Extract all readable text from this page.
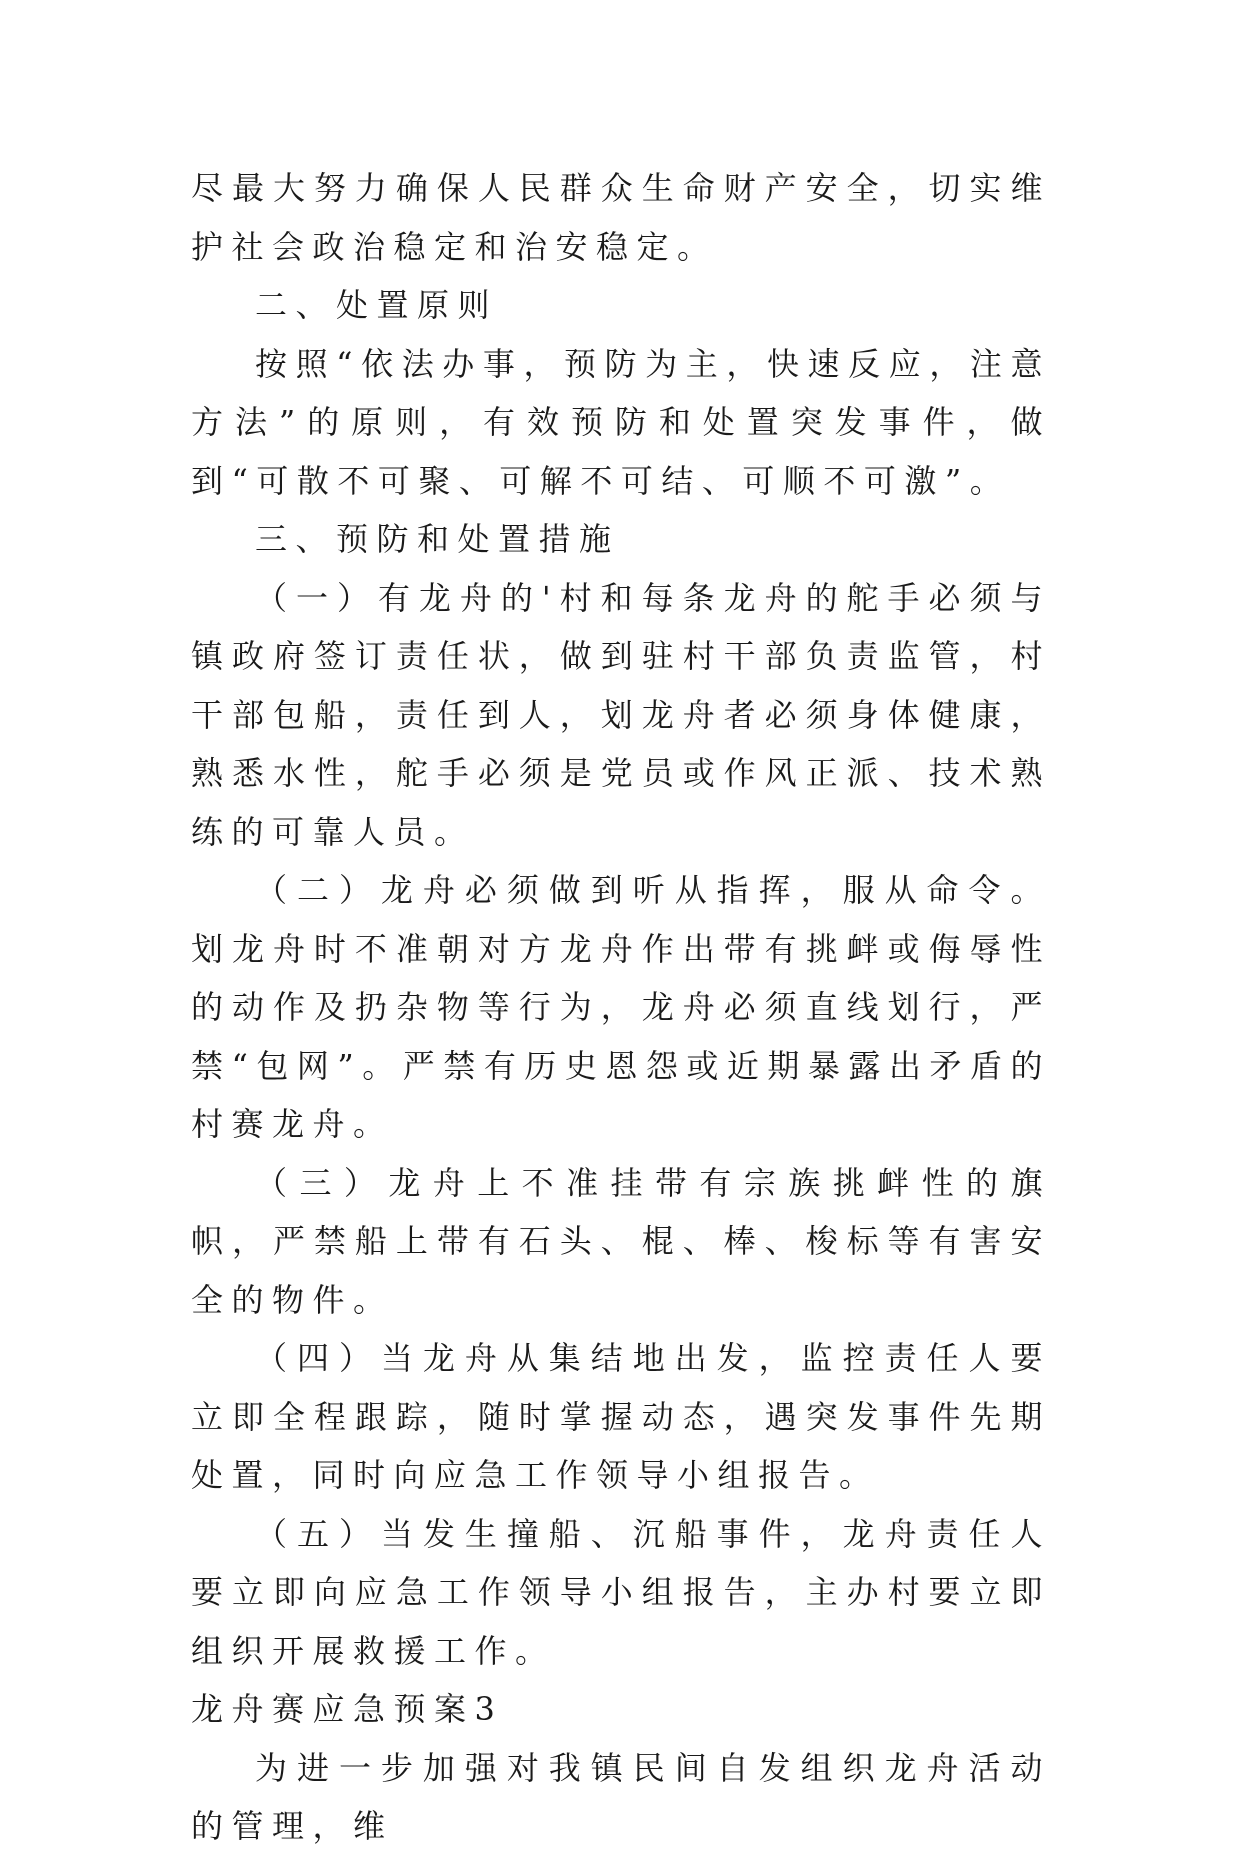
尽最大努力确保人民群众生命财产安全，切实维护社会政治稳定和治安稳定。

二、处置原则

按照“依法办事，预防为主，快速反应，注意方法”的原则，有效预防和处置突发事件，做到“可散不可聚、可解不可结、可顺不可激”。

三、预防和处置措施

（一）有龙舟的'村和每条龙舟的舵手必须与镇政府签订责任状，做到驻村干部负责监管，村干部包船，责任到人，划龙舟者必须身体健康，熟悉水性，舵手必须是党员或作风正派、技术熟练的可靠人员。

（二）龙舟必须做到听从指挥，服从命令。划龙舟时不准朝对方龙舟作出带有挑衅或侮辱性的动作及扔杂物等行为，龙舟必须直线划行，严禁“包网”。严禁有历史恩怨或近期暴露出矛盾的村赛龙舟。

（三）龙舟上不准挂带有宗族挑衅性的旗帜，严禁船上带有石头、棍、棒、梭标等有害安全的物件。

（四）当龙舟从集结地出发，监控责任人要立即全程跟踪，随时掌握动态，遇突发事件先期处置，同时向应急工作领导小组报告。

（五）当发生撞船、沉船事件，龙舟责任人要立即向应急工作领导小组报告，主办村要立即组织开展救援工作。

龙舟赛应急预案3

为进一步加强对我镇民间自发组织龙舟活动的管理，维
